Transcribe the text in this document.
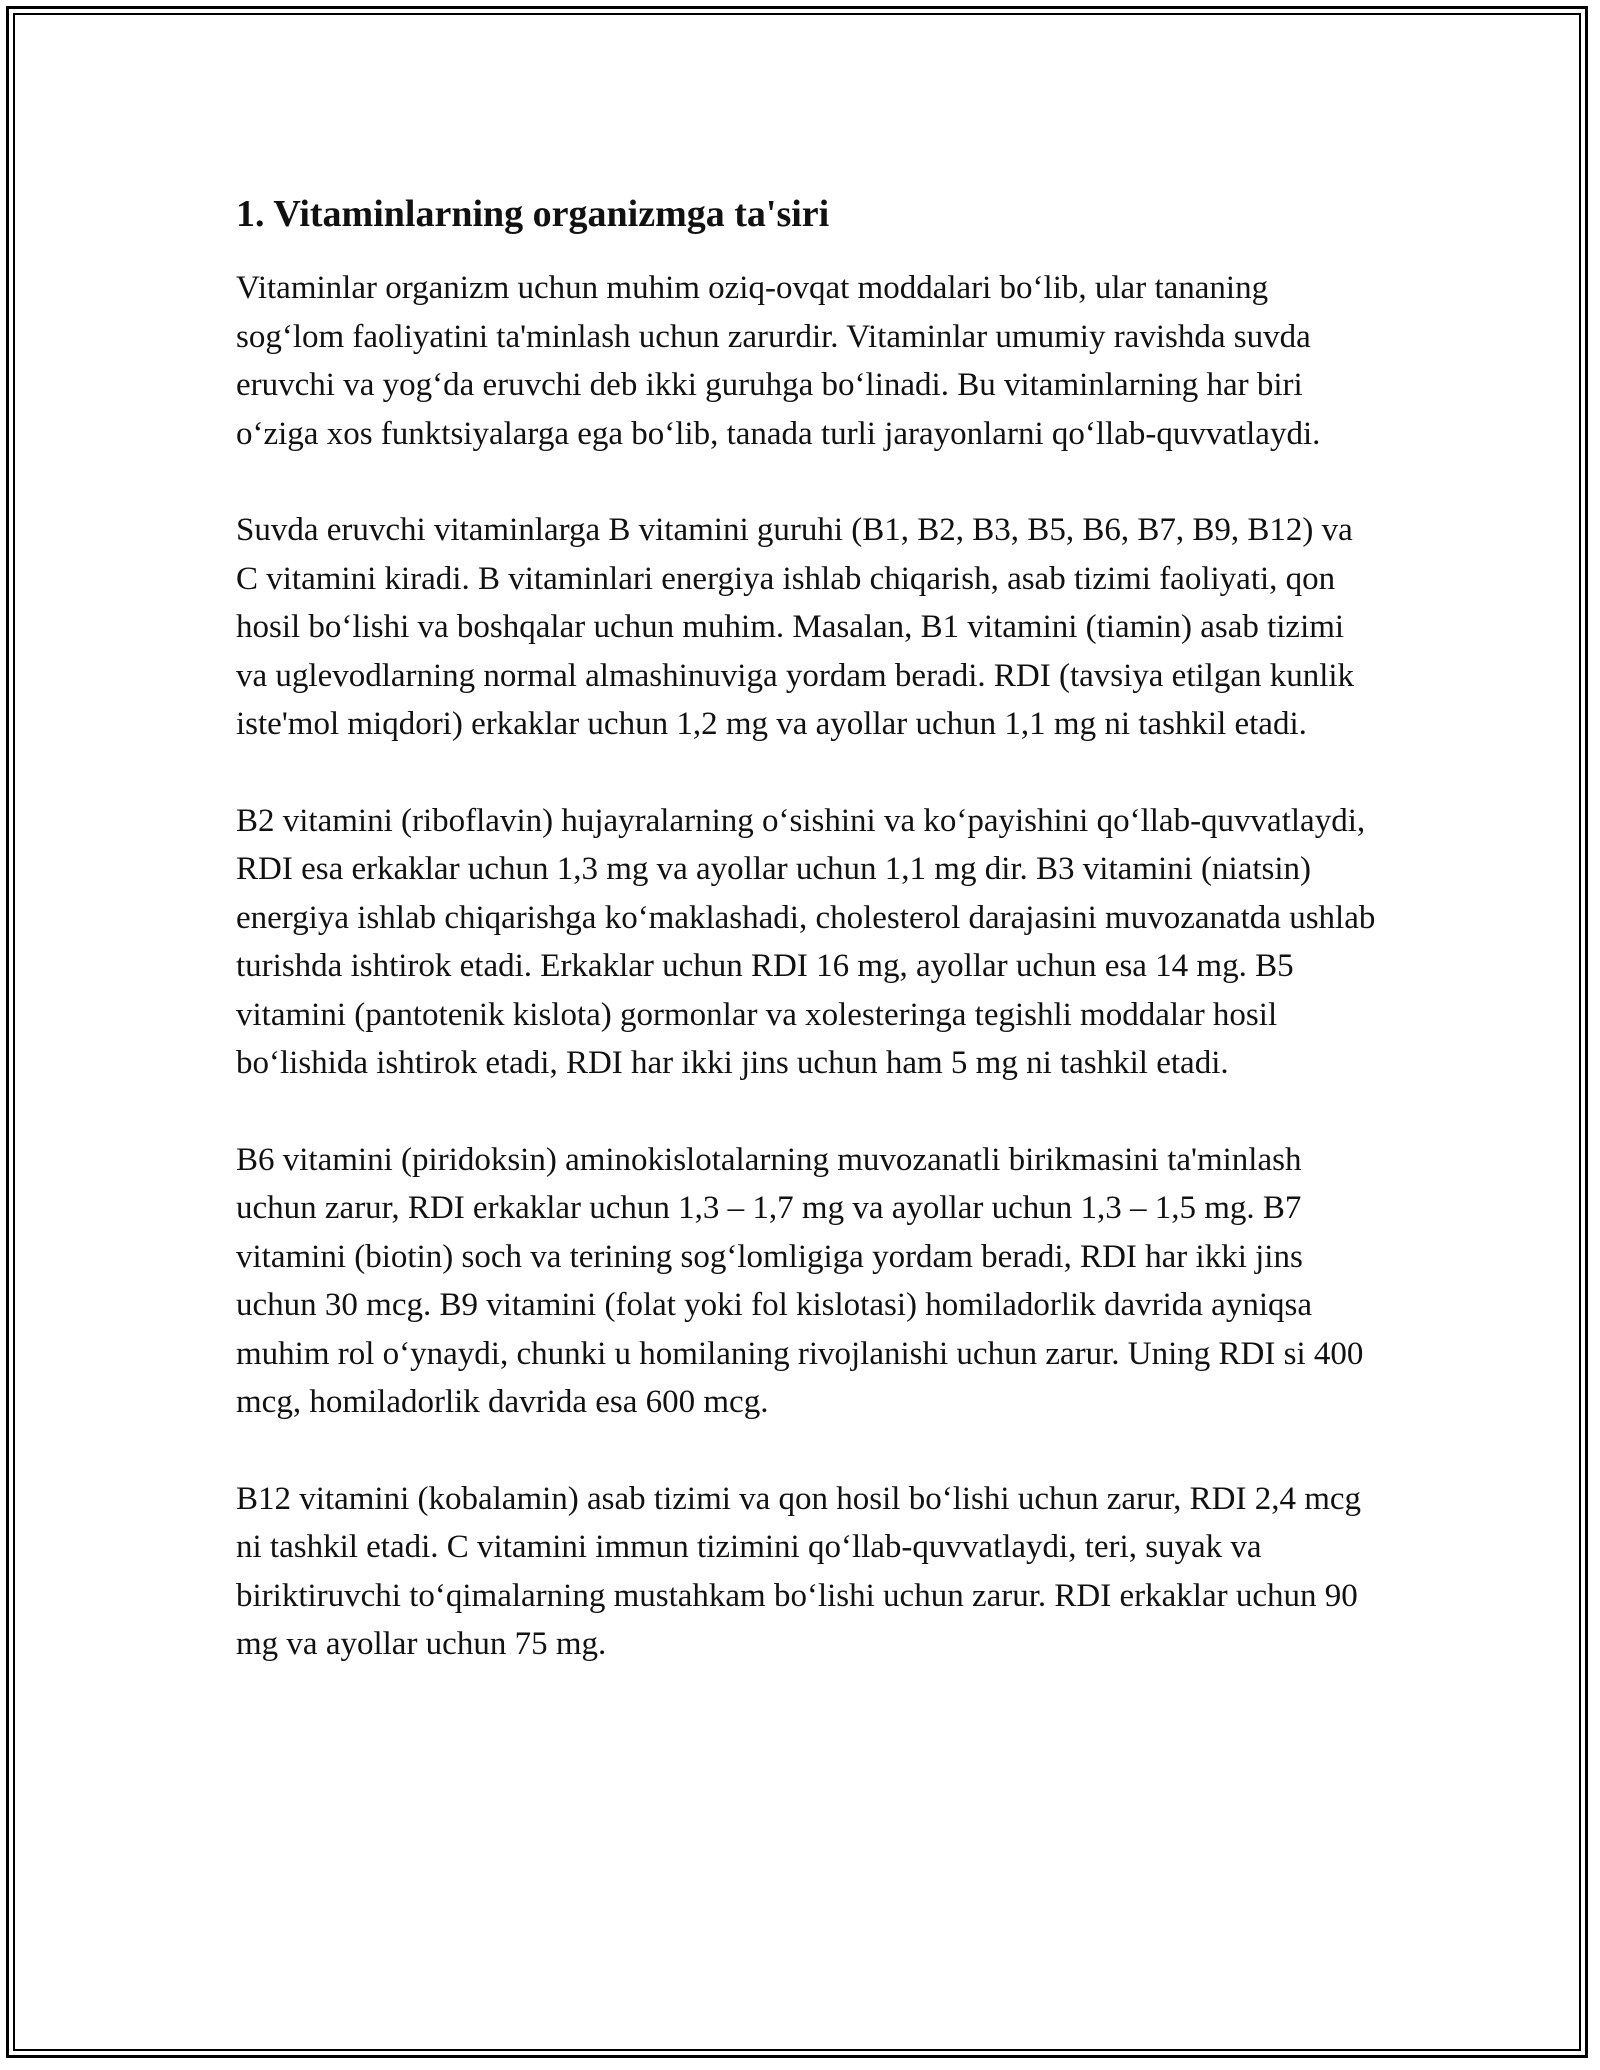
1. Vitaminlarning organizmga ta'siri

Vitaminlar organizm uchun muhim oziq-ovqat moddalari bo‘lib, ular tananing sog‘lom faoliyatini ta'minlash uchun zarurdir. Vitaminlar umumiy ravishda suvda eruvchi va yog‘da eruvchi deb ikki guruhga bo‘linadi. Bu vitaminlarning har biri o‘ziga xos funktsiyalarga ega bo‘lib, tanada turli jarayonlarni qo‘llab-quvvatlaydi.

Suvda eruvchi vitaminlarga B vitamini guruhi (B1, B2, B3, B5, B6, B7, B9, B12) va C vitamini kiradi. B vitaminlari energiya ishlab chiqarish, asab tizimi faoliyati, qon hosil bo‘lishi va boshqalar uchun muhim. Masalan, B1 vitamini (tiamin) asab tizimi va uglevodlarning normal almashinuviga yordam beradi. RDI (tavsiya etilgan kunlik iste'mol miqdori) erkaklar uchun 1,2 mg va ayollar uchun 1,1 mg ni tashkil etadi.

B2 vitamini (riboflavin) hujayralarning o‘sishini va ko‘payishini qo‘llab-quvvatlaydi, RDI esa erkaklar uchun 1,3 mg va ayollar uchun 1,1 mg dir. B3 vitamini (niatsin) energiya ishlab chiqarishga ko‘maklashadi, cholesterol darajasini muvozanatda ushlab turishda ishtirok etadi. Erkaklar uchun RDI 16 mg, ayollar uchun esa 14 mg. B5 vitamini (pantotenik kislota) gormonlar va xolesteringa tegishli moddalar hosil bo‘lishida ishtirok etadi, RDI har ikki jins uchun ham 5 mg ni tashkil etadi.

B6 vitamini (piridoksin) aminokislotalarning muvozanatli birikmasini ta'minlash uchun zarur, RDI erkaklar uchun 1,3 – 1,7 mg va ayollar uchun 1,3 – 1,5 mg. B7 vitamini (biotin) soch va terining sog‘lomligiga yordam beradi, RDI har ikki jins uchun 30 mcg. B9 vitamini (folat yoki fol kislotasi) homiladorlik davrida ayniqsa muhim rol o‘ynaydi, chunki u homilaning rivojlanishi uchun zarur. Uning RDI si 400 mcg, homiladorlik davrida esa 600 mcg.

B12 vitamini (kobalamin) asab tizimi va qon hosil bo‘lishi uchun zarur, RDI 2,4 mcg ni tashkil etadi. C vitamini immun tizimini qo‘llab-quvvatlaydi, teri, suyak va biriktiruvchi to‘qimalarning mustahkam bo‘lishi uchun zarur. RDI erkaklar uchun 90 mg va ayollar uchun 75 mg.
